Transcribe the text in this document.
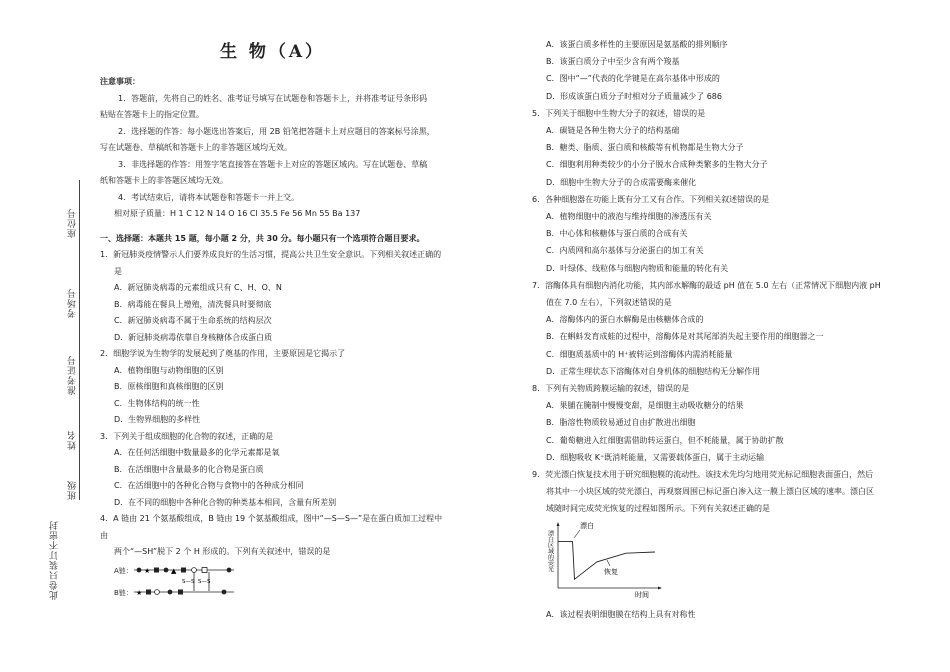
座位号
考场号
准考证号
姓名
班级
此卷只装订不密封
生 物（A）
注意事项：
1．答题前，先将自己的姓名、准考证号填写在试题卷和答题卡上，并将准考证号条形码
粘贴在答题卡上的指定位置。
2．选择题的作答：每小题选出答案后，用 2B 铅笔把答题卡上对应题目的答案标号涂黑，
写在试题卷、草稿纸和答题卡上的非答题区域均无效。
3．非选择题的作答：用签字笔直接答在答题卡上对应的答题区域内。写在试题卷、草稿
纸和答题卡上的非答题区域均无效。
4．考试结束后，请将本试题卷和答题卡一并上交。
相对原子质量：H 1 C 12 N 14 O 16 Cl 35.5 Fe 56 Mn 55 Ba 137
一、选择题：本题共 15 题，每小题 2 分，共 30 分。每小题只有一个选项符合题目要求。
1．新冠肺炎疫情警示人们要养成良好的生活习惯，提高公共卫生安全意识。下列相关叙述正确的
是
A．新冠肺炎病毒的元素组成只有 C、H、O、N
B．病毒能在餐具上增殖，清洗餐具时要彻底
C．新冠肺炎病毒不属于生命系统的结构层次
D．新冠肺炎病毒依靠自身核糖体合成蛋白质
2．细胞学说为生物学的发展起到了奠基的作用，主要原因是它揭示了
A．植物细胞与动物细胞的区别
B．原核细胞和真核细胞的区别
C．生物体结构的统一性
D．生物界细胞的多样性
3．下列关于组成细胞的化合物的叙述，正确的是
A．在任何活细胞中数量最多的化学元素都是氧
B．在活细胞中含量最多的化合物是蛋白质
C．在活细胞中的各种化合物与食物中的各种成分相同
D．在不同的细胞中各种化合物的种类基本相同，含量有所差别
4．A 链由 21 个氨基酸组成，B 链由 19 个氨基酸组成，图中“—S—S—”是在蛋白质加工过程中由
两个“—SH”脱下 2 个 H 形成的。下列有关叙述中，错误的是
A链： ★	▲
S—S S—S
B链： ★
A．该蛋白质多样性的主要原因是氨基酸的排列顺序
B．该蛋白质分子中至少含有两个羧基
C．图中“—”代表的化学键是在高尔基体中形成的
D．形成该蛋白质分子时相对分子质量减少了 686
5．下列关于细胞中生物大分子的叙述，错误的是
A．碳链是各种生物大分子的结构基础
B．糖类、脂质、蛋白质和核酸等有机物都是生物大分子
C．细胞利用种类较少的小分子脱水合成种类繁多的生物大分子
D．细胞中生物大分子的合成需要酶来催化
6．各种细胞器在功能上既有分工又有合作。下列相关叙述错误的是
A．植物细胞中的液泡与维持细胞的渗透压有关
B．中心体和核糖体与蛋白质的合成有关
C．内质网和高尔基体与分泌蛋白的加工有关
D．叶绿体、线粒体与细胞内物质和能量的转化有关
7．溶酶体具有细胞内消化功能，其内部水解酶的最适 pH 值在 5.0 左右（正常情况下细胞内液 pH
值在 7.0 左右），下列叙述错误的是
A．溶酶体内的蛋白水解酶是由核糖体合成的
B．在蝌蚪发育成蛙的过程中，溶酶体是对其尾部消失起主要作用的细胞器之一
C．细胞质基质中的 H⁺被转运到溶酶体内需消耗能量
D．正常生理状态下溶酶体对自身机体的细胞结构无分解作用
8．下列有关物质跨膜运输的叙述，错误的是
A．果脯在腌制中慢慢变甜，是细胞主动吸收糖分的结果
B．脂溶性物质较易通过自由扩散进出细胞
C．葡萄糖进入红细胞需借助转运蛋白，但不耗能量，属于协助扩散
D．细胞吸收 K⁺既消耗能量，又需要载体蛋白，属于主动运输
9．荧光漂白恢复技术用于研究细胞膜的流动性。该技术先均匀地用荧光标记细胞表面蛋白，然后
将其中一小块区域的荧光漂白，再观察周围已标记蛋白渗入这一膜上漂白区域的速率。漂白区
域随时间完成荧光恢复的过程如图所示。下列有关叙述正确的是
漂白区域的荧光
时间
漂白
恢复
A．该过程表明细胞膜在结构上具有对称性
